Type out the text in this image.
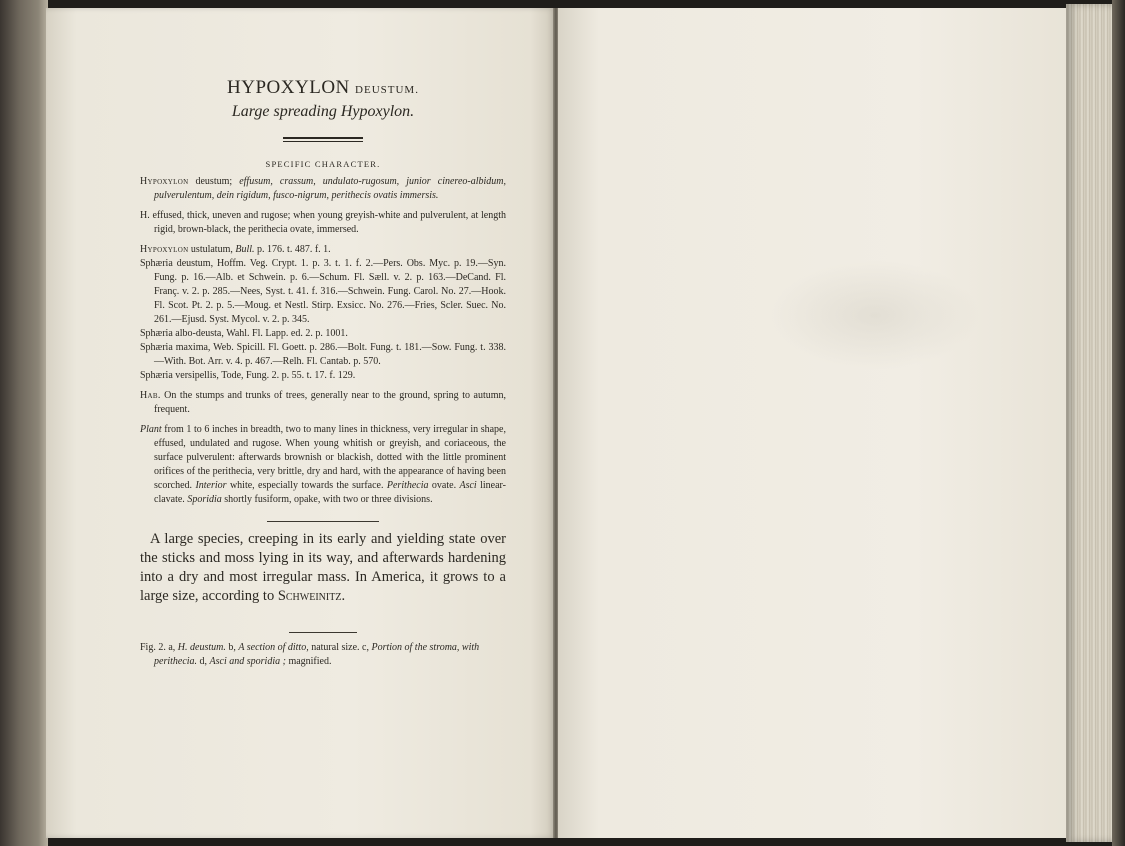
HYPOXYLON DEUSTUM.

Large spreading Hypoxylon.

SPECIFIC CHARACTER.

Hypoxylon deustum; effusum, crassum, undulato-rugosum, junior cinereo-albidum, pulverulentum, dein rigidum, fusco-nigrum, perithecis ovatis immersis.

H. effused, thick, uneven and rugose; when young greyish-white and pulverulent, at length rigid, brown-black, the perithecia ovate, immersed.

Hypoxylon ustulatum, Bull. p. 176. t. 487. f. 1.

Sphæria deustum, Hoffm. Veg. Crypt. 1. p. 3. t. 1. f. 2.—Pers. Obs. Myc. p. 19.—Syn. Fung. p. 16.—Alb. et Schwein. p. 6.—Schum. Fl. Sæll. v. 2. p. 163.—DeCand. Fl. Franç. v. 2. p. 285.—Nees, Syst. t. 41. f. 316.—Schwein. Fung. Carol. No. 27.—Hook. Fl. Scot. Pt. 2. p. 5.—Moug. et Nestl. Stirp. Exsicc. No. 276.—Fries, Scler. Suec. No. 261.—Ejusd. Syst. Mycol. v. 2. p. 345.

Sphæria albo-deusta, Wahl. Fl. Lapp. ed. 2. p. 1001.

Sphæria maxima, Web. Spicill. Fl. Goett. p. 286.—Bolt. Fung. t. 181.—Sow. Fung. t. 338.—With. Bot. Arr. v. 4. p. 467.—Relh. Fl. Cantab. p. 570.

Sphæria versipellis, Tode, Fung. 2. p. 55. t. 17. f. 129.

Hab. On the stumps and trunks of trees, generally near to the ground, spring to autumn, frequent.

Plant from 1 to 6 inches in breadth, two to many lines in thickness, very irregular in shape, effused, undulated and rugose. When young whitish or greyish, and coriaceous, the surface pulverulent: afterwards brownish or blackish, dotted with the little prominent orifices of the perithecia, very brittle, dry and hard, with the appearance of having been scorched. Interior white, especially towards the surface. Perithecia ovate. Asci linear-clavate. Sporidia shortly fusiform, opake, with two or three divisions.

A large species, creeping in its early and yielding state over the sticks and moss lying in its way, and afterwards hardening into a dry and most irregular mass. In America, it grows to a large size, according to Schweinitz.

Fig. 2. a, H. deustum. b, A section of ditto, natural size. c, Portion of the stroma, with perithecia. d, Asci and sporidia ; magnified.
